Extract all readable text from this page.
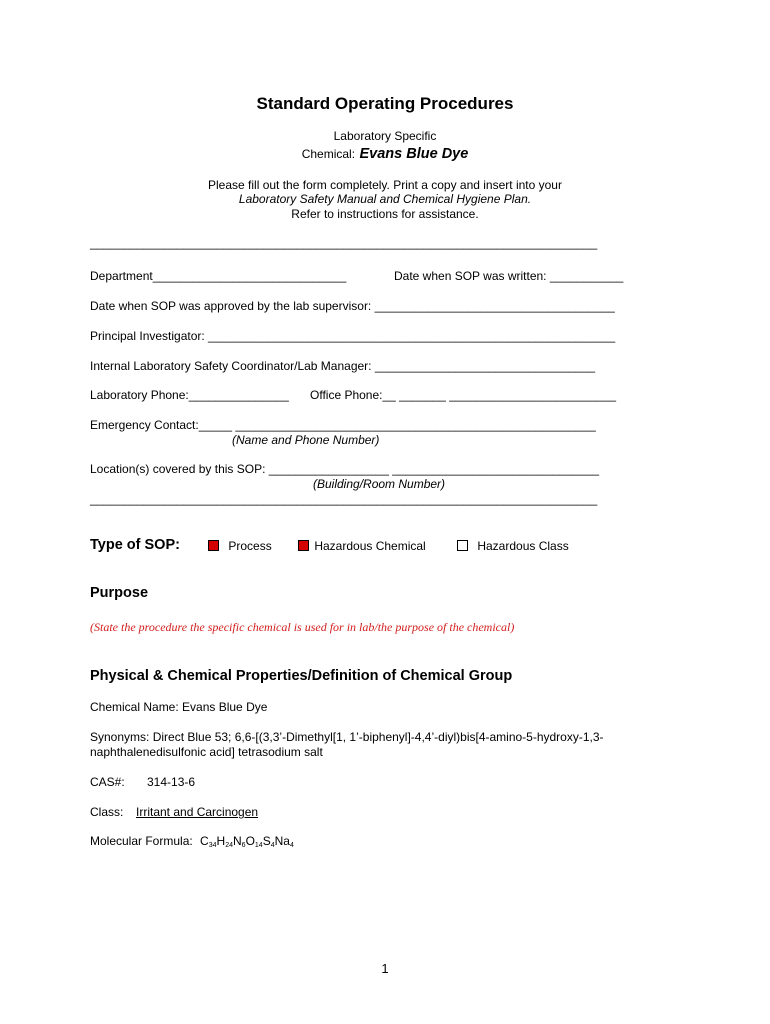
Standard Operating Procedures
Laboratory Specific
Chemical: Evans Blue Dye
Please fill out the form completely. Print a copy and insert into your
Laboratory Safety Manual and Chemical Hygiene Plan.
Refer to instructions for assistance.
____________________________________________________________________________
Department_____________________________	Date when SOP was written: ___________
Date when SOP was approved by the lab supervisor: ____________________________________
Principal Investigator: _____________________________________________________________
Internal Laboratory Safety Coordinator/Lab Manager: _________________________________
Laboratory Phone:_______________ Office Phone:__ _______ _________________________
Emergency Contact:_____ ______________________________________________________
(Name and Phone Number)
Location(s) covered by this SOP: __________________ _______________________________
(Building/Room Number)
____________________________________________________________________________
Type of SOP:	Process	Hazardous Chemical	Hazardous Class
Purpose
(State the procedure the specific chemical is used for in lab/the purpose of the chemical)
Physical & Chemical Properties/Definition of Chemical Group
Chemical Name: Evans Blue Dye
Synonyms: Direct Blue 53; 6,6-[(3,3’-Dimethyl[1, 1’-biphenyl]-4,4’-diyl)bis[4-amino-5-hydroxy-1,3-
naphthalenedisulfonic acid] tetrasodium salt
CAS#: 314-13-6
Class: Irritant and Carcinogen
Molecular Formula: $C_{34}H_{24}N_6O_{14}S_4Na_4$
1
